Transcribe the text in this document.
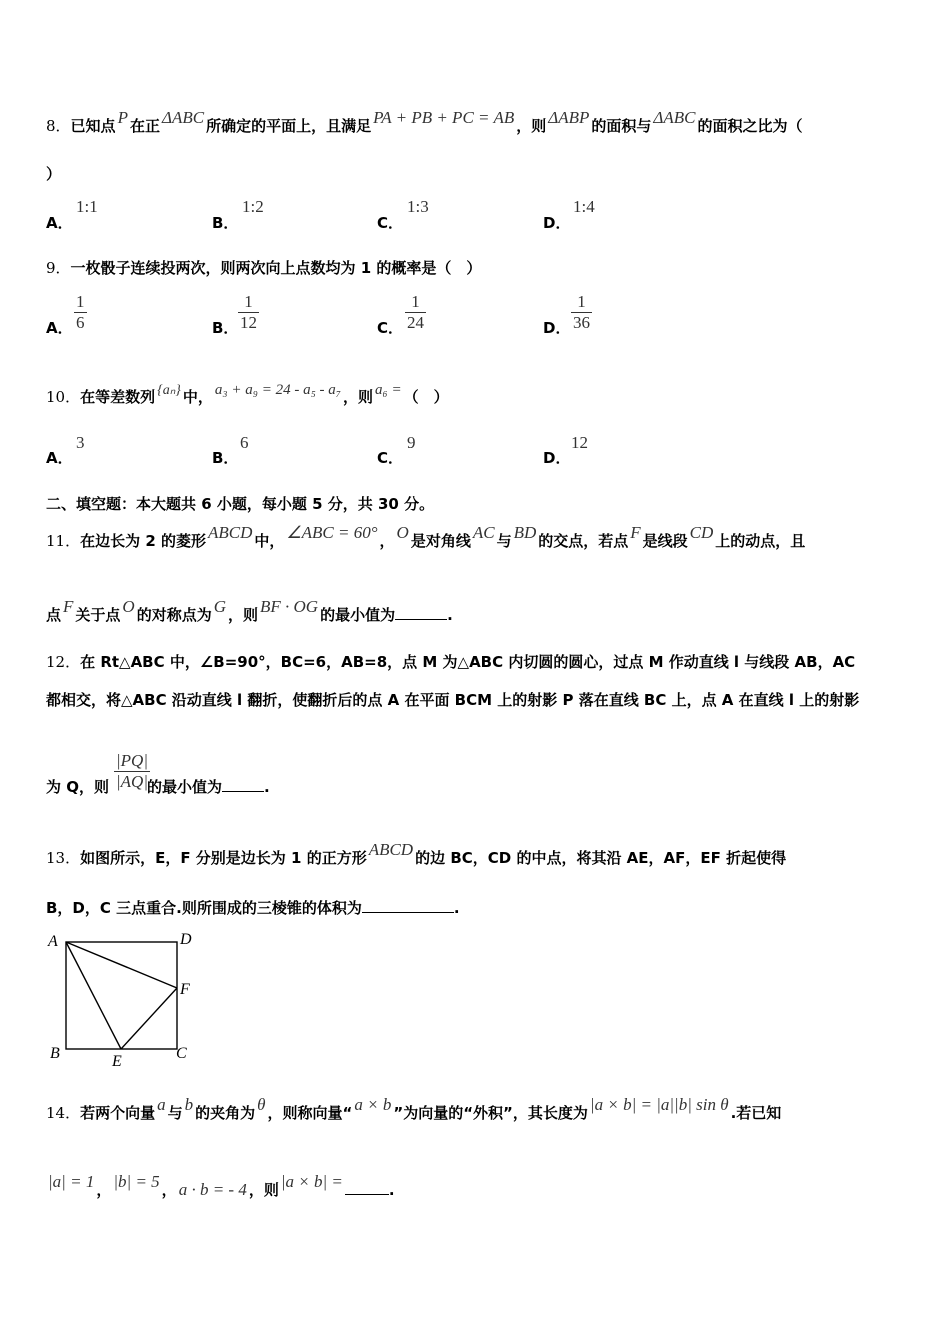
8．已知点 P 在正 ΔABC 所确定的平面上，且满足 PA + PB + PC = AB ，则 ΔABP 的面积与 ΔABC 的面积之比为（
）
A．
1:1
B．
1:2
C．
1:3
D．
1:4
9．一枚骰子连续投两次，则两次向上点数均为 1 的概率是（　）
A． $\frac{1}{6}$	B． $\frac{1}{12}$	C． $\frac{1}{24}$	D． $\frac{1}{36}$
10．在等差数列 {aₙ} 中， a₃ + a₉ = 24 - a₅ - a₇ ，则 a₆ = （　）
A．
3
B．
6
C．
9
D．
12
二、填空题：本大题共 6 小题，每小题 5 分，共 30 分。
11．在边长为 2 的菱形 ABCD 中， ∠ABC = 60° ， O 是对角线 AC 与 BD 的交点，若点 F 是线段 CD 上的动点，且
点 F 关于点 O 的对称点为 G ，则 BF · OG 的最小值为	.
12．在 Rt△ABC 中，∠B=90°，BC=6，AB=8，点 M 为△ABC 内切圆的圆心，过点 M 作动直线 l 与线段 AB，AC
都相交，将△ABC 沿动直线 l 翻折，使翻折后的点 A 在平面 BCM 上的射影 P 落在直线 BC 上，点 A 在直线 l 上的射影
为 Q，则	的最小值为	.
$\frac{|PQ|}{|AQ|}$
13．如图所示，E，F 分别是边长为 1 的正方形 ABCD 的边 BC，CD 的中点，将其沿 AE，AF，EF 折起使得
B，D，C 三点重合.则所围成的三棱锥的体积为	.
A	D
F
B	C
E
14．若两个向量 a 与 b 的夹角为 θ ，则称向量“ a × b ”为向量的“外积”，其长度为 |a × b| = |a||b| sin θ .若已知
|a| = 1 ， |b| = 5 ， a · b = - 4 ，则 |a × b| =	.
